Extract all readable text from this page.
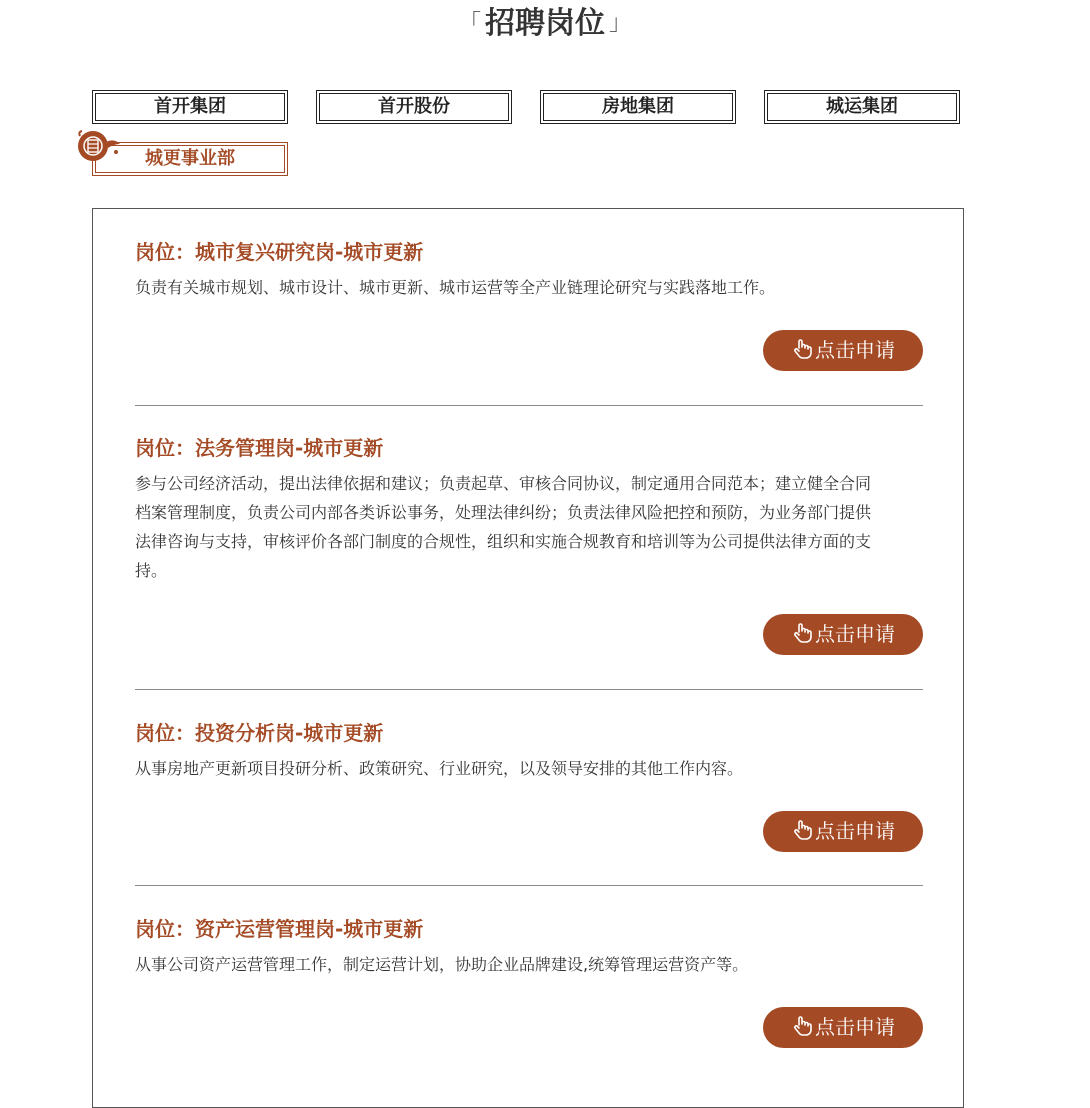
「 招聘岗位 」
首开集团	首开股份	房地集团	城运集团
城更事业部
岗位：城市复兴研究岗-城市更新
负责有关城市规划、城市设计、城市更新、城市运营等全产业链理论研究与实践落地工作。
点击申请
岗位：法务管理岗-城市更新
参与公司经济活动，提出法律依据和建议；负责起草、审核合同协议，制定通用合同范本；建立健全合同档案管理制度，负责公司内部各类诉讼事务，处理法律纠纷；负责法律风险把控和预防，为业务部门提供法律咨询与支持，审核评价各部门制度的合规性，组织和实施合规教育和培训等为公司提供法律方面的支持。
点击申请
岗位：投资分析岗-城市更新
从事房地产更新项目投研分析、政策研究、行业研究，以及领导安排的其他工作内容。
点击申请
岗位：资产运营管理岗-城市更新
从事公司资产运营管理工作，制定运营计划，协助企业品牌建设,统筹管理运营资产等。
点击申请
